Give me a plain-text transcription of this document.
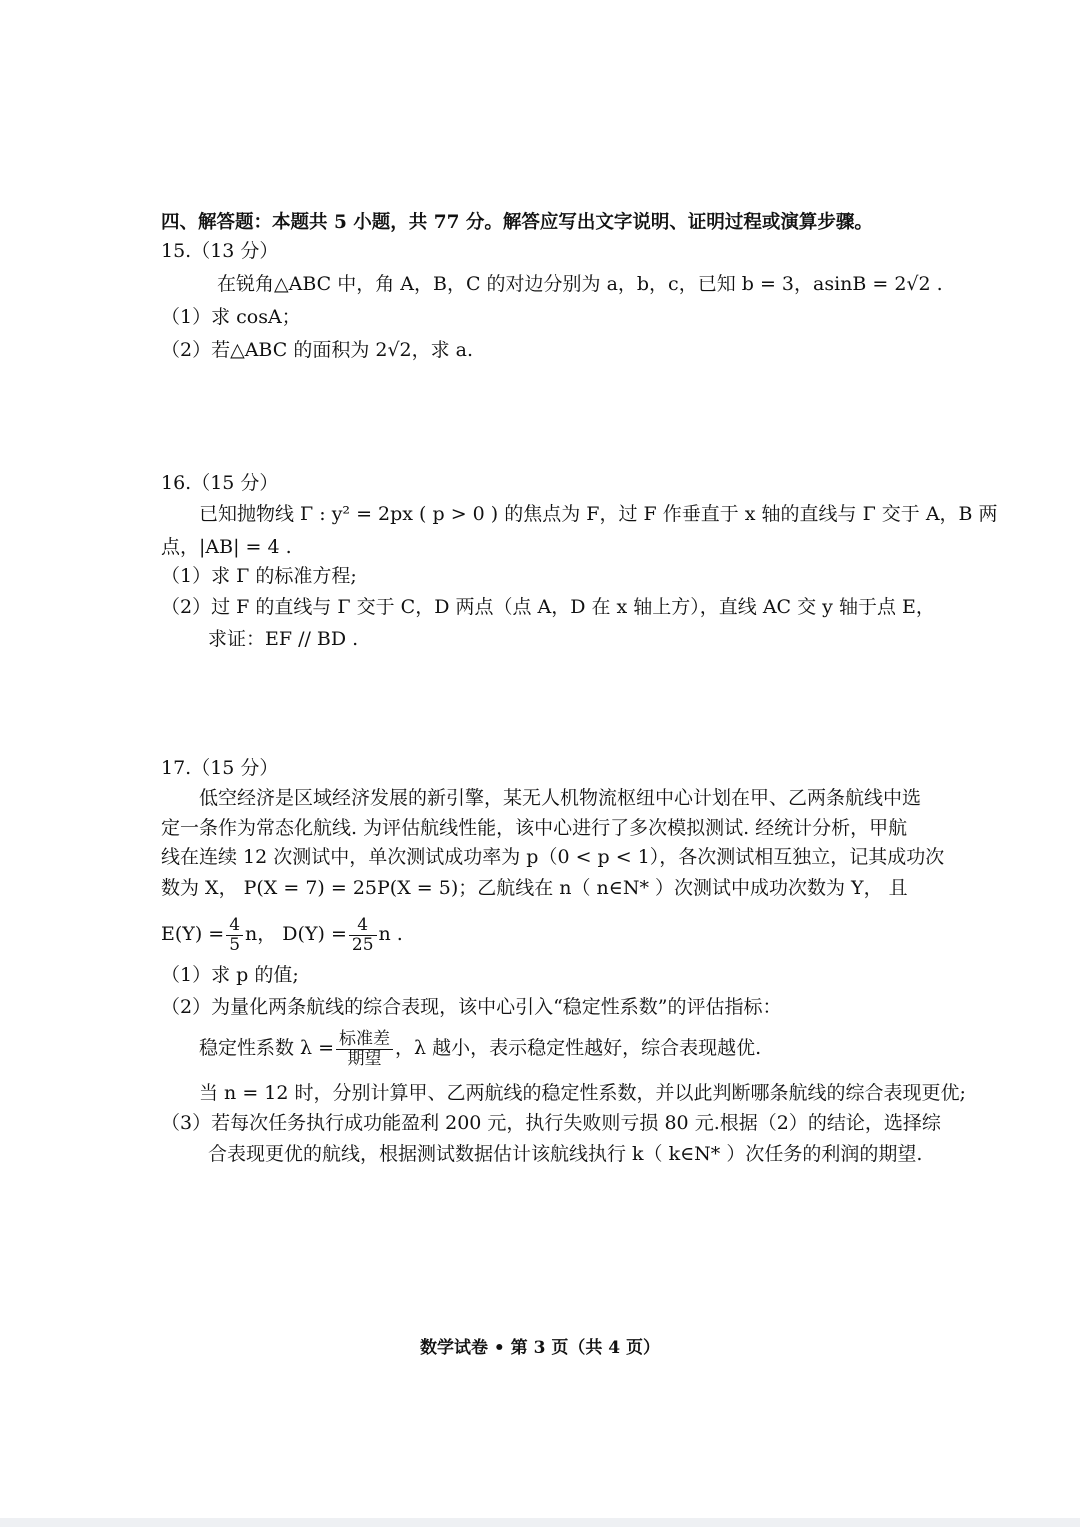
四、解答题：本题共 5 小题，共 77 分。解答应写出文字说明、证明过程或演算步骤。
15.（13 分）
在锐角△ABC 中，角 A，B，C 的对边分别为 a，b，c，已知 b = 3，asinB = 2√2 .
（1）求 cosA；
（2）若△ABC 的面积为 2√2，求 a.
16.（15 分）
已知抛物线 Γ : y² = 2px ( p > 0 ) 的焦点为 F，过 F 作垂直于 x 轴的直线与 Γ 交于 A，B 两
点，|AB| = 4 .
（1）求 Γ 的标准方程;
（2）过 F 的直线与 Γ 交于 C，D 两点（点 A，D 在 x 轴上方），直线 AC 交 y 轴于点 E，
求证：EF // BD .
17.（15 分）
低空经济是区域经济发展的新引擎，某无人机物流枢纽中心计划在甲、乙两条航线中选
定一条作为常态化航线. 为评估航线性能，该中心进行了多次模拟测试. 经统计分析，甲航
线在连续 12 次测试中，单次测试成功率为 p（0 < p < 1），各次测试相互独立，记其成功次
数为 X， P(X = 7) = 25P(X = 5)；乙航线在 n（ n∈N* ）次测试中成功次数为 Y， 且
$E(Y) = \frac{4}{5}$ n， $D(Y) = \frac{4}{25}$ n .
（1）求 p 的值;
（2）为量化两条航线的综合表现，该中心引入“稳定性系数”的评估指标：
稳定性系数 $\lambda = \frac{\text{标准差}}{\text{期望}}$ ，λ 越小，表示稳定性越好，综合表现越优.
当 n = 12 时，分别计算甲、乙两航线的稳定性系数，并以此判断哪条航线的综合表现更优;
（3）若每次任务执行成功能盈利 200 元，执行失败则亏损 80 元.根据（2）的结论，选择综
合表现更优的航线，根据测试数据估计该航线执行 k（ k∈N* ）次任务的利润的期望.
数学试卷 • 第 3 页（共 4 页）
